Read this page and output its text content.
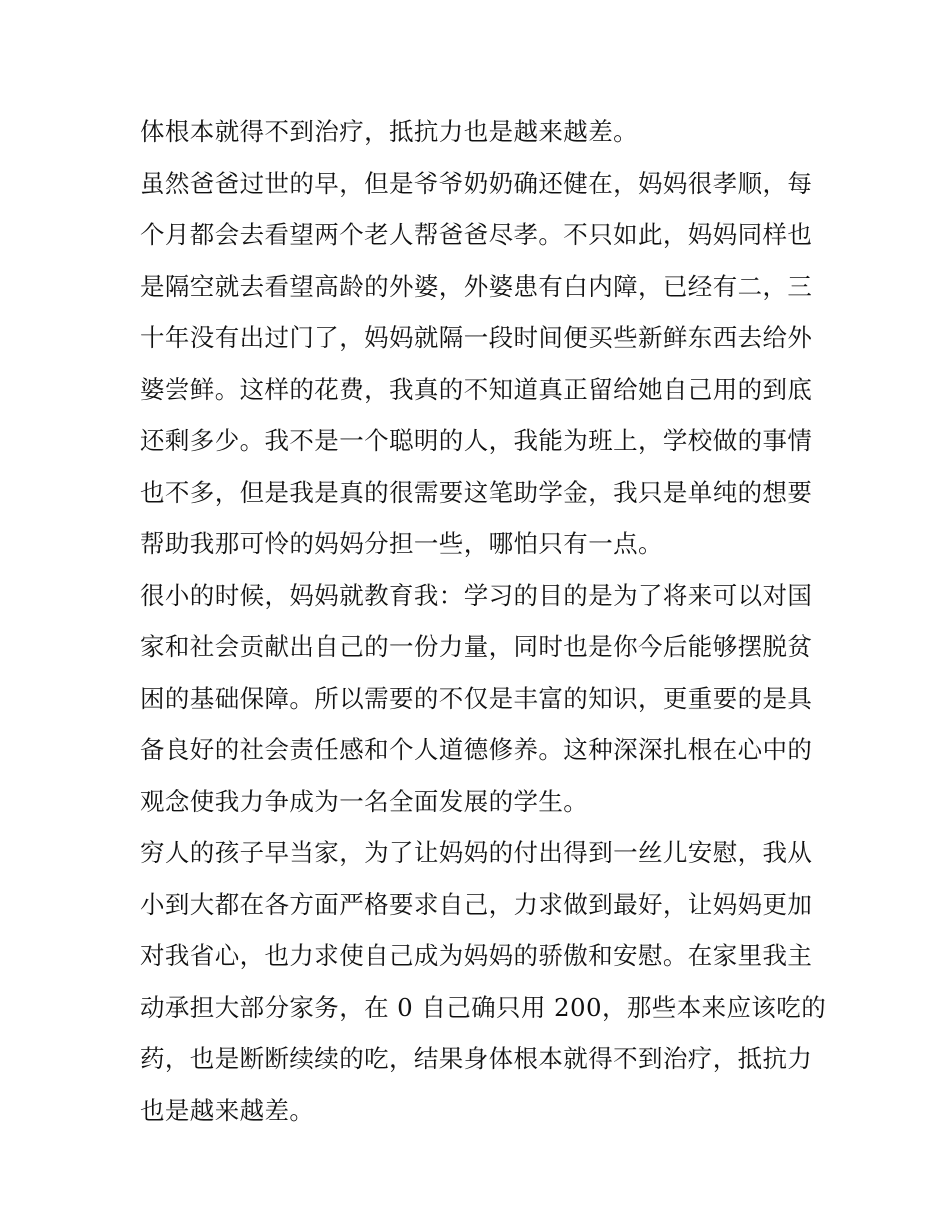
体根本就得不到治疗，抵抗力也是越来越差。
虽然爸爸过世的早，但是爷爷奶奶确还健在，妈妈很孝顺，每
个月都会去看望两个老人帮爸爸尽孝。不只如此，妈妈同样也
是隔空就去看望高龄的外婆，外婆患有白内障，已经有二，三
十年没有出过门了，妈妈就隔一段时间便买些新鲜东西去给外
婆尝鲜。这样的花费，我真的不知道真正留给她自己用的到底
还剩多少。我不是一个聪明的人，我能为班上，学校做的事情
也不多，但是我是真的很需要这笔助学金，我只是单纯的想要
帮助我那可怜的妈妈分担一些，哪怕只有一点。
很小的时候，妈妈就教育我：学习的目的是为了将来可以对国
家和社会贡献出自己的一份力量，同时也是你今后能够摆脱贫
困的基础保障。所以需要的不仅是丰富的知识，更重要的是具
备良好的社会责任感和个人道德修养。这种深深扎根在心中的
观念使我力争成为一名全面发展的学生。
穷人的孩子早当家，为了让妈妈的付出得到一丝儿安慰，我从
小到大都在各方面严格要求自己，力求做到最好，让妈妈更加
对我省心，也力求使自己成为妈妈的骄傲和安慰。在家里我主
动承担大部分家务，在 0 自己确只用 200，那些本来应该吃的
药，也是断断续续的吃，结果身体根本就得不到治疗，抵抗力
也是越来越差。
